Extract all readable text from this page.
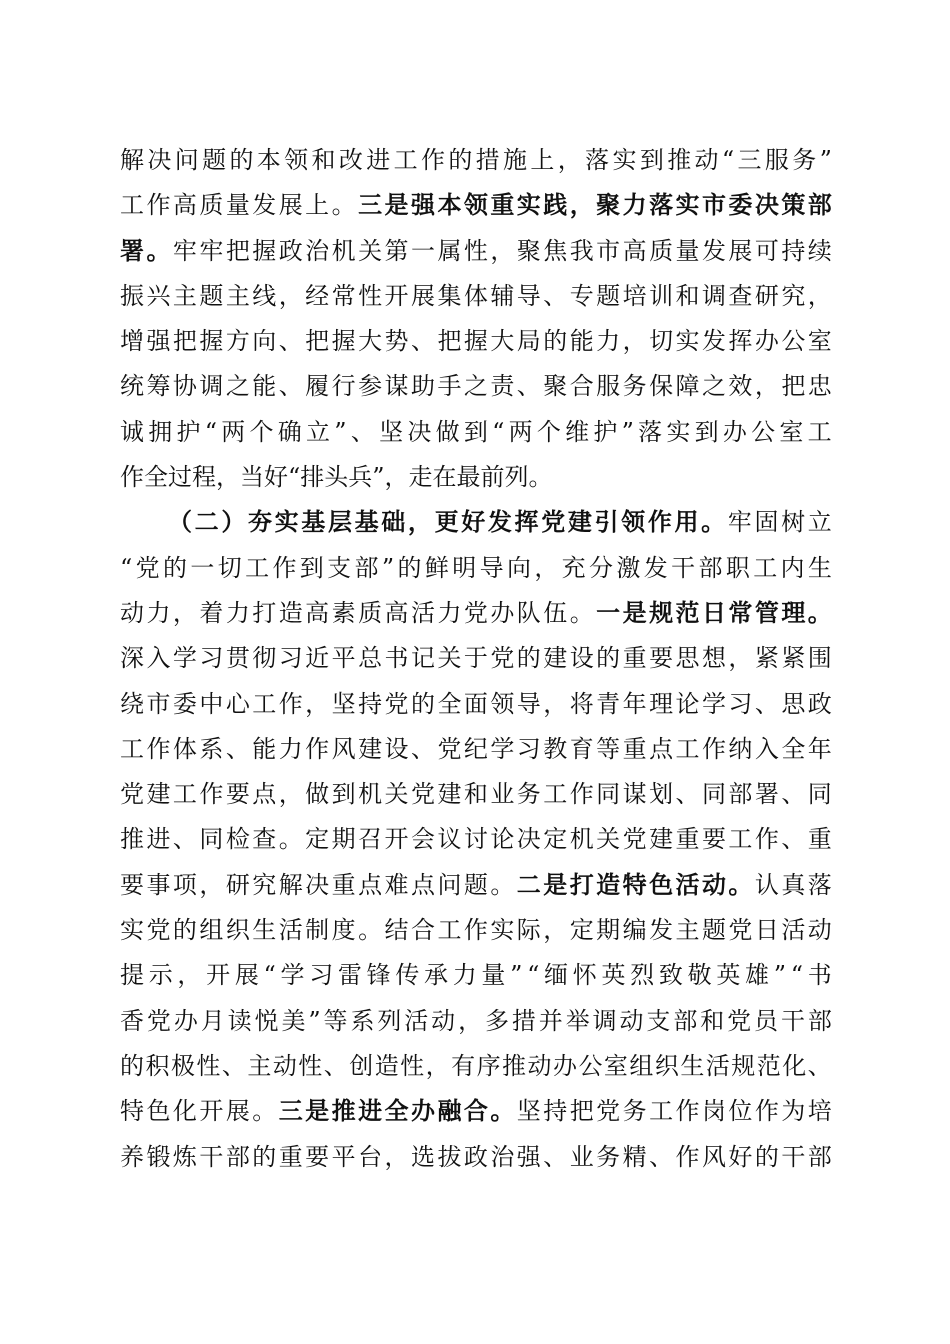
解 决 问 题 的 本 领 和 改 进 工 作 的 措 施 上 ， 落 实 到 推 动 “ 三 服 务 ”
工 作 高 质 量 发 展 上 。 三 是 强 本 领 重 实 践 ， 聚 力 落 实 市 委 决 策 部
署 。 牢 牢 把 握 政 治 机 关 第 一 属 性 ， 聚 焦 我 市 高 质 量 发 展 可 持 续
振 兴 主 题 主 线 ， 经 常 性 开 展 集 体 辅 导 、 专 题 培 训 和 调 查 研 究 ，
增 强 把 握 方 向 、 把 握 大 势 、 把 握 大 局 的 能 力 ， 切 实 发 挥 办 公 室
统 筹 协 调 之 能 、 履 行 参 谋 助 手 之 责 、 聚 合 服 务 保 障 之 效 ， 把 忠
诚 拥 护 “ 两 个 确 立 ” 、 坚 决 做 到 “ 两 个 维 护 ” 落 实 到 办 公 室 工
作全过程，当好“排头兵”，走在最前列。
（ 二 ） 夯 实 基 层 基 础 ， 更 好 发 挥 党 建 引 领 作 用 。 牢 固 树 立
“ 党 的 一 切 工 作 到 支 部 ” 的 鲜 明 导 向 ， 充 分 激 发 干 部 职 工 内 生
动 力 ， 着 力 打 造 高 素 质 高 活 力 党 办 队 伍 。 一 是 规 范 日 常 管 理 。
深 入 学 习 贯 彻 习 近 平 总 书 记 关 于 党 的 建 设 的 重 要 思 想 ， 紧 紧 围
绕 市 委 中 心 工 作 ， 坚 持 党 的 全 面 领 导 ， 将 青 年 理 论 学 习 、 思 政
工 作 体 系 、 能 力 作 风 建 设 、 党 纪 学 习 教 育 等 重 点 工 作 纳 入 全 年
党 建 工 作 要 点 ， 做 到 机 关 党 建 和 业 务 工 作 同 谋 划 、 同 部 署 、 同
推 进 、 同 检 查 。 定 期 召 开 会 议 讨 论 决 定 机 关 党 建 重 要 工 作 、 重
要 事 项 ， 研 究 解 决 重 点 难 点 问 题 。 二 是 打 造 特 色 活 动 。 认 真 落
实 党 的 组 织 生 活 制 度 。 结 合 工 作 实 际 ， 定 期 编 发 主 题 党 日 活 动
提 示 ， 开 展 “ 学 习 雷 锋 传 承 力 量 ” “ 缅 怀 英 烈 致 敬 英 雄 ” “ 书
香 党 办 月 读 悦 美 ” 等 系 列 活 动 ， 多 措 并 举 调 动 支 部 和 党 员 干 部
的 积 极 性 、 主 动 性 、 创 造 性 ， 有 序 推 动 办 公 室 组 织 生 活 规 范 化 、
特 色 化 开 展 。 三 是 推 进 全 办 融 合 。 坚 持 把 党 务 工 作 岗 位 作 为 培
养 锻 炼 干 部 的 重 要 平 台 ， 选 拔 政 治 强 、 业 务 精 、 作 风 好 的 干 部
